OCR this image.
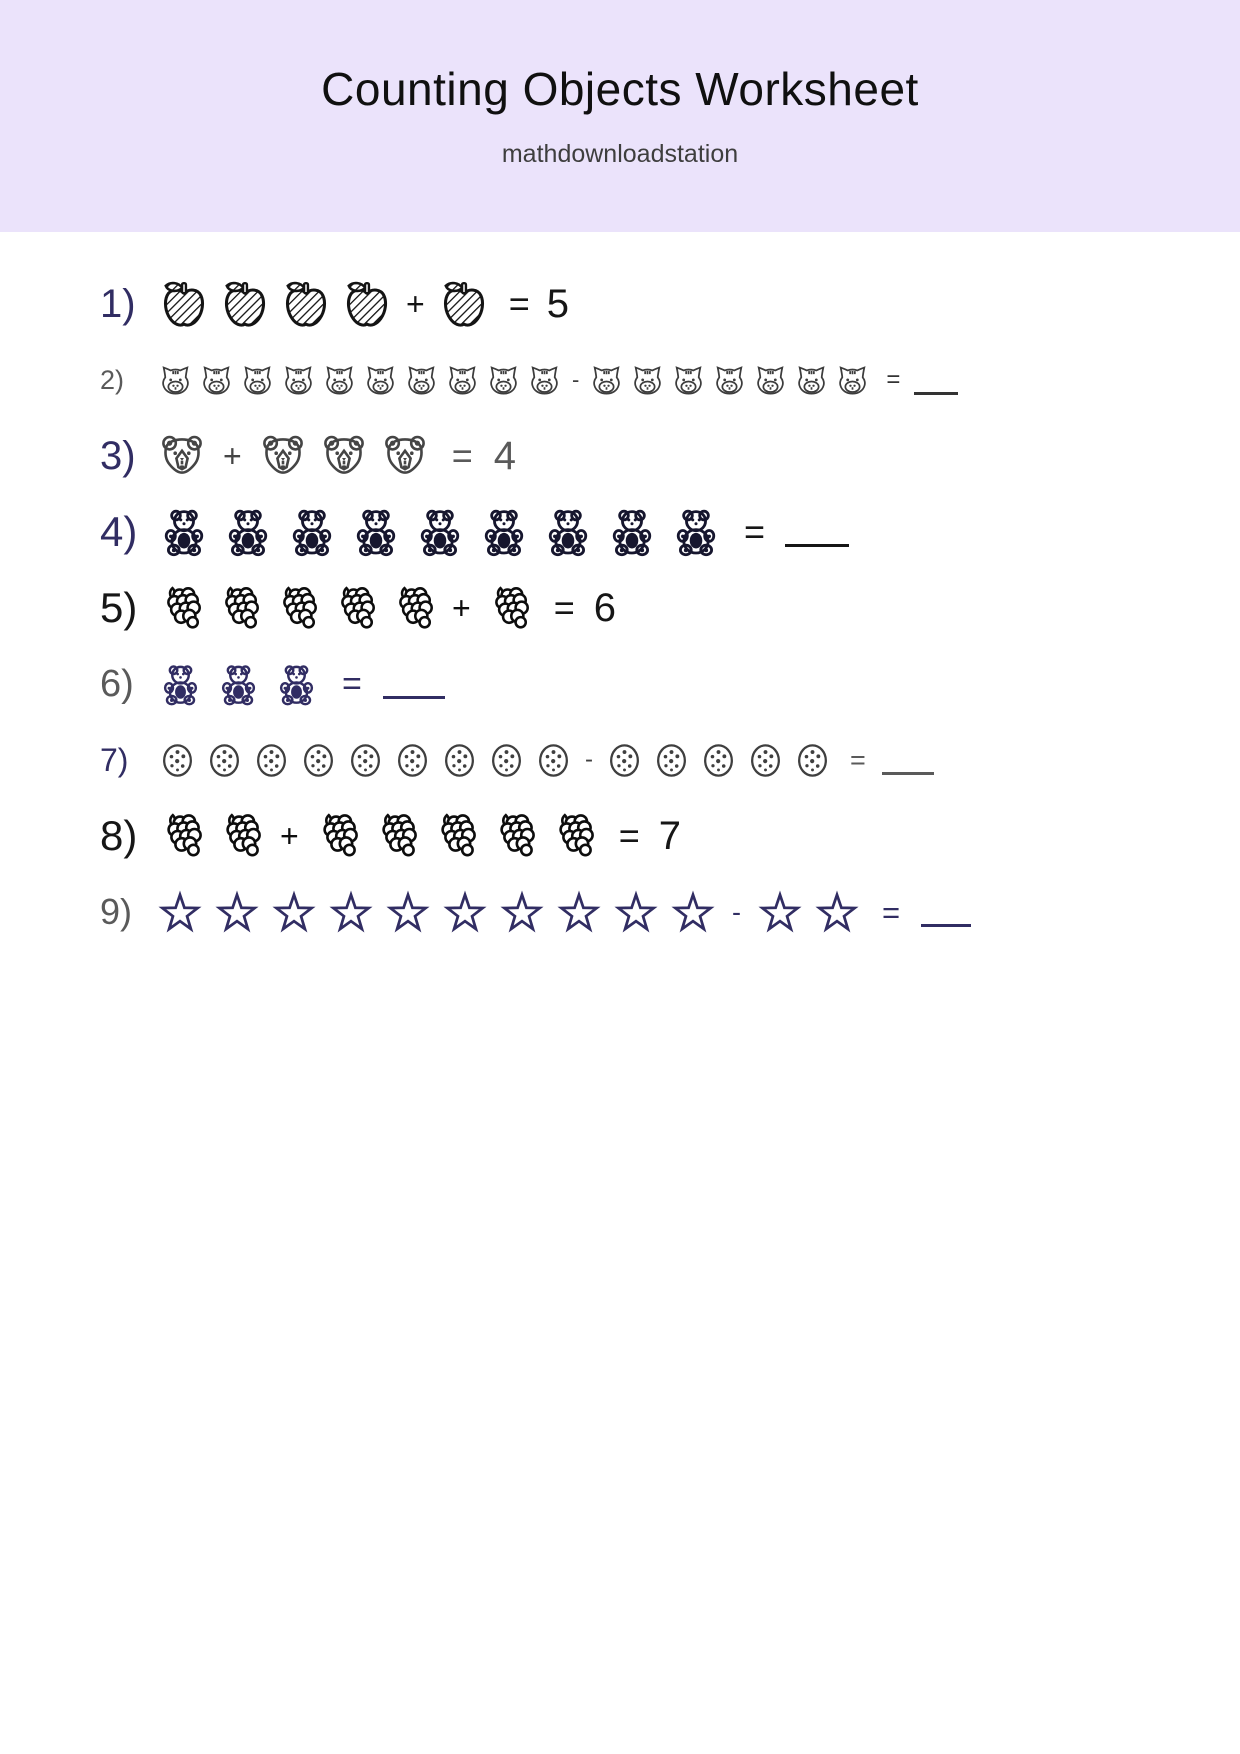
Counting Objects Worksheet

mathdownloadstation

1)	+ = 5
2)	-	=
3)	+	= 4
4)	=
5)	+ = 6
6)	=
7)	-	=
8)	+	= 7
9)	-	=
